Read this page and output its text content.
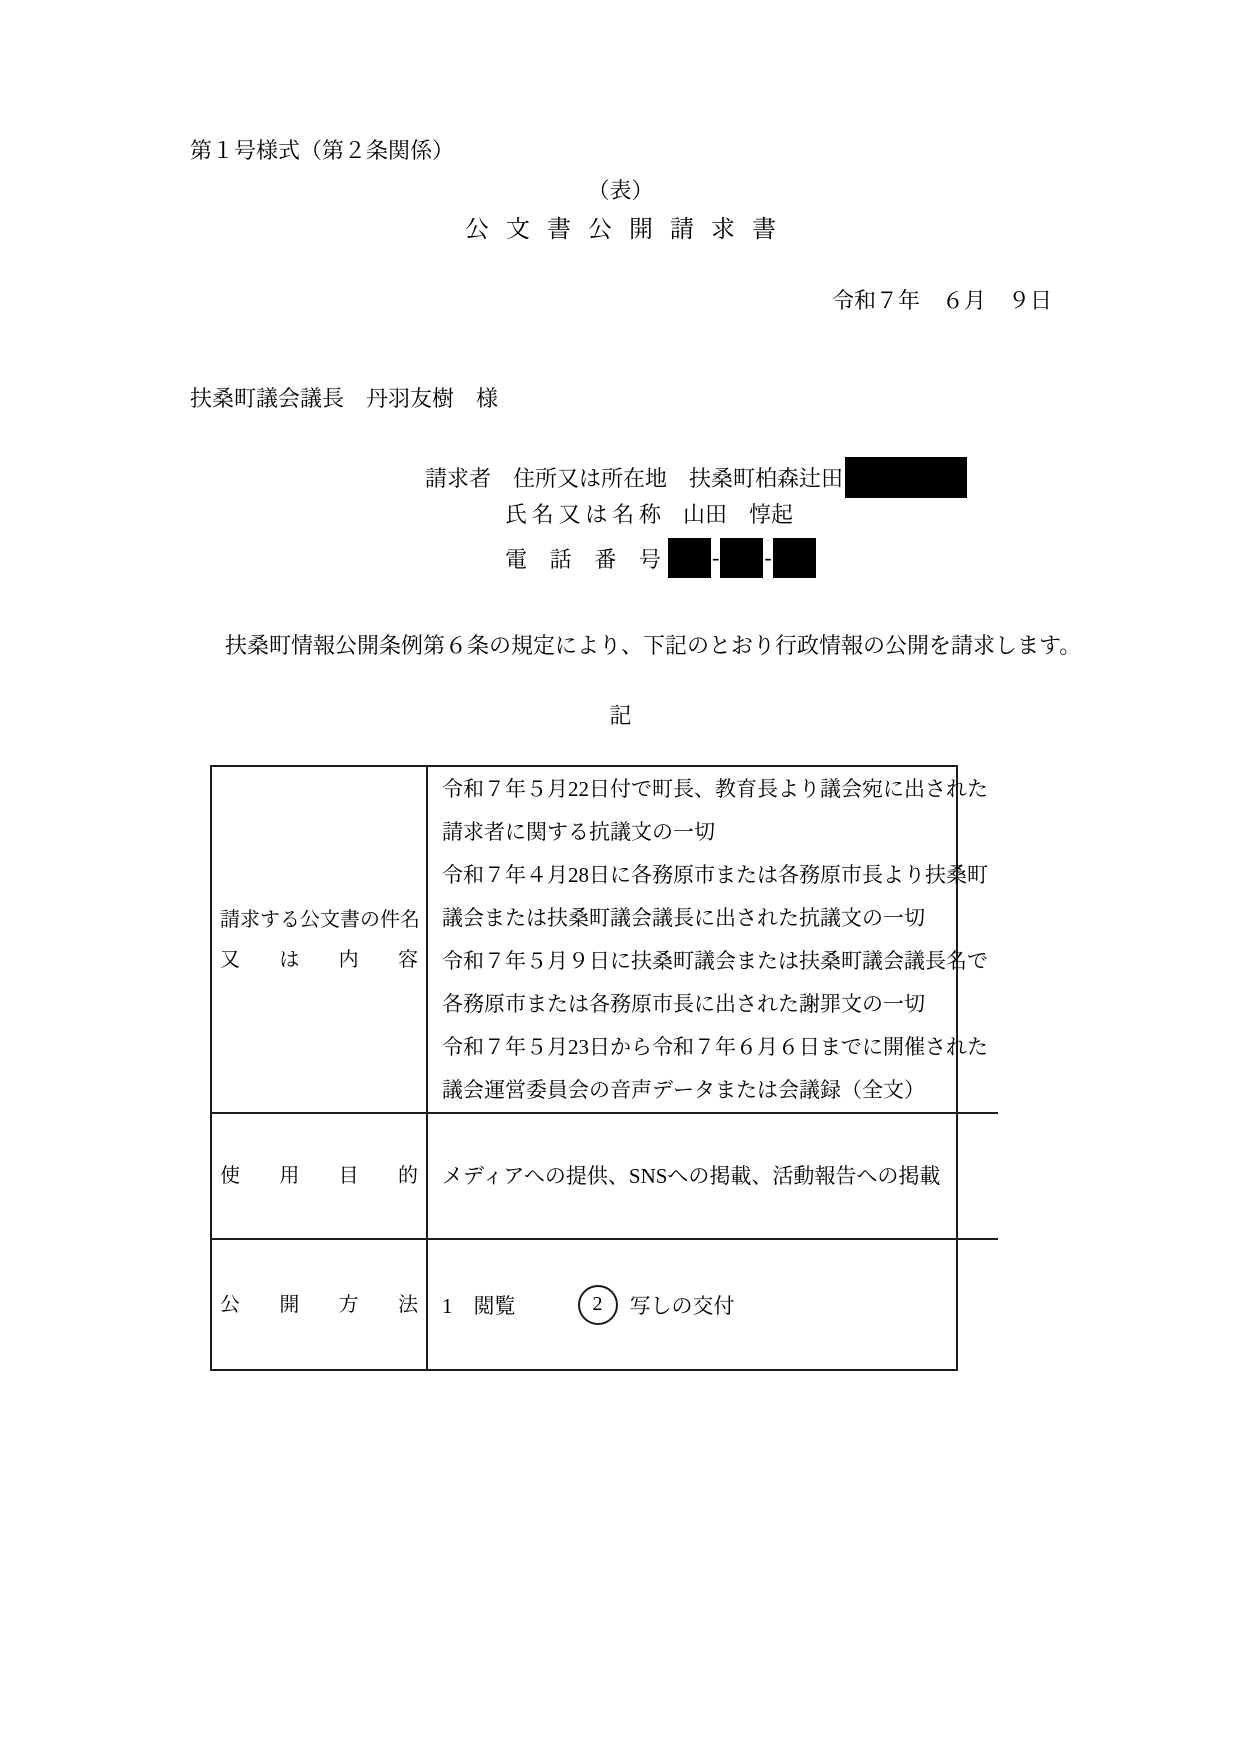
第１号様式（第２条関係）
（表）
公文書公開請求書
令和７年　６月　９日
扶桑町議会議長　丹羽友樹　様
請求者 住所又は所在地 扶桑町柏森辻田
氏 名 又 は 名 称 山田　惇起
電 話 番 号 - -
扶桑町情報公開条例第６条の規定により、下記のとおり行政情報の公開を請求します。
記
請求する公文書の件名
又 は 内 容
令和７年５月22日付で町長、教育長より議会宛に出された
請求者に関する抗議文の一切
令和７年４月28日に各務原市または各務原市長より扶桑町
議会または扶桑町議会議長に出された抗議文の一切
令和７年５月９日に扶桑町議会または扶桑町議会議長名で
各務原市または各務原市長に出された謝罪文の一切
令和７年５月23日から令和７年６月６日までに開催された
議会運営委員会の音声データまたは会議録（全文）
使 用 目 的 メディアへの提供、SNSへの掲載、活動報告への掲載
公 開 方 法 1　閲覧	2	写しの交付
